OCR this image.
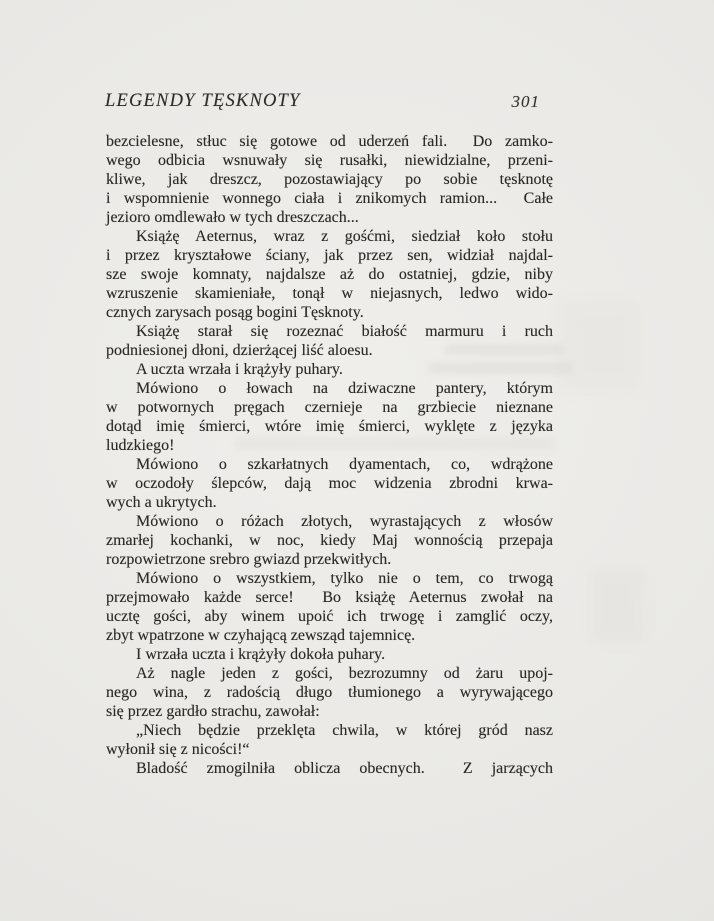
LEGENDY TĘSKNOTY	301
bezcielesne, stłuc się gotowe od uderzeń fali.  Do zamko-
wego odbicia wsnuwały się rusałki, niewidzialne, przeni-
kliwe, jak dreszcz, pozostawiający po sobie tęsknotę
i wspomnienie wonnego ciała i znikomych ramion...  Całe
jezioro omdlewało w tych dreszczach...
Książę Aeternus, wraz z gośćmi, siedział koło stołu
i przez kryształowe ściany, jak przez sen, widział najdal-
sze swoje komnaty, najdalsze aż do ostatniej, gdzie, niby
wzruszenie skamieniałe, tonął w niejasnych, ledwo wido-
cznych zarysach posąg bogini Tęsknoty.
Książę starał się rozeznać białość marmuru i ruch
podniesionej dłoni, dzierżącej liść aloesu.
A uczta wrzała i krążyły puhary.
Mówiono o łowach na dziwaczne pantery, którym
w potwornych pręgach czernieje na grzbiecie nieznane
dotąd imię śmierci, wtóre imię śmierci, wyklęte z języka
ludzkiego!
Mówiono o szkarłatnych dyamentach, co, wdrążone
w oczodoły ślepców, dają moc widzenia zbrodni krwa-
wych a ukrytych.
Mówiono o różach złotych, wyrastających z włosów
zmarłej kochanki, w noc, kiedy Maj wonnością przepaja
rozpowietrzone srebro gwiazd przekwitłych.
Mówiono o wszystkiem, tylko nie o tem, co trwogą
przejmowało każde serce!  Bo książę Aeternus zwołał na
ucztę gości, aby winem upoić ich trwogę i zamglić oczy,
zbyt wpatrzone w czyhającą zewsząd tajemnicę.
I wrzała uczta i krążyły dokoła puhary.
Aż nagle jeden z gości, bezrozumny od żaru upoj-
nego wina, z radością długo tłumionego a wyrywającego
się przez gardło strachu, zawołał:
„Niech będzie przeklęta chwila, w której gród nasz
wyłonił się z nicości!“
Bladość zmogilniła oblicza obecnych.  Z jarzących
